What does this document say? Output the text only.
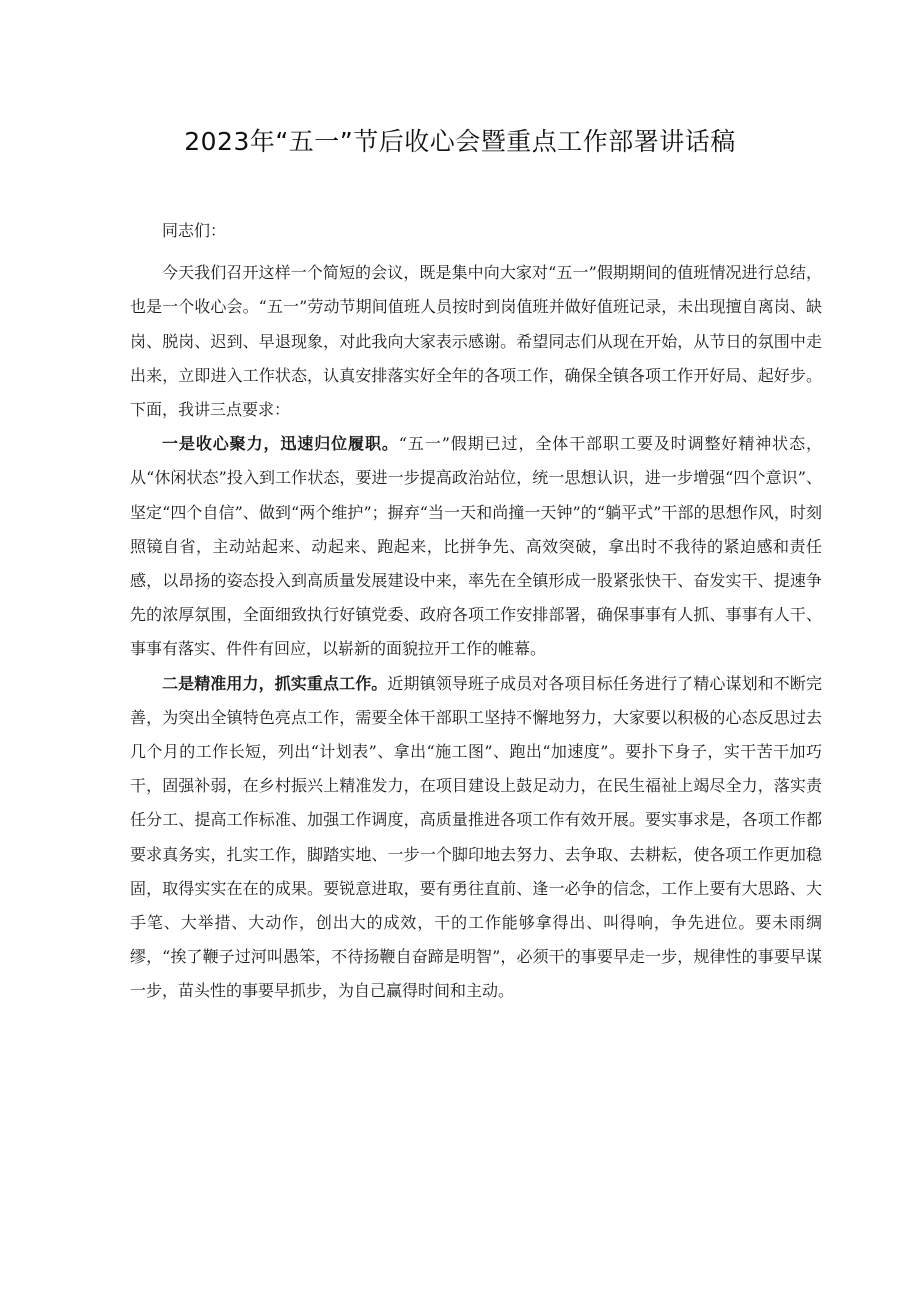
2023年“五一”节后收心会暨重点工作部署讲话稿

同志们：

今天我们召开这样一个简短的会议，既是集中向大家对“五一”假期期间的值班情况进行总结，也是一个收心会。“五一”劳动节期间值班人员按时到岗值班并做好值班记录，未出现擅自离岗、缺岗、脱岗、迟到、早退现象，对此我向大家表示感谢。希望同志们从现在开始，从节日的氛围中走出来，立即进入工作状态，认真安排落实好全年的各项工作，确保全镇各项工作开好局、起好步。下面，我讲三点要求：

一是收心聚力，迅速归位履职。“五一”假期已过，全体干部职工要及时调整好精神状态，从“休闲状态”投入到工作状态，要进一步提高政治站位，统一思想认识，进一步增强“四个意识”、坚定“四个自信”、做到“两个维护”；摒弃“当一天和尚撞一天钟”的“躺平式”干部的思想作风，时刻照镜自省，主动站起来、动起来、跑起来，比拼争先、高效突破，拿出时不我待的紧迫感和责任感，以昂扬的姿态投入到高质量发展建设中来，率先在全镇形成一股紧张快干、奋发实干、提速争先的浓厚氛围，全面细致执行好镇党委、政府各项工作安排部署，确保事事有人抓、事事有人干、事事有落实、件件有回应，以崭新的面貌拉开工作的帷幕。

二是精准用力，抓实重点工作。近期镇领导班子成员对各项目标任务进行了精心谋划和不断完善，为突出全镇特色亮点工作，需要全体干部职工坚持不懈地努力，大家要以积极的心态反思过去几个月的工作长短，列出“计划表”、拿出“施工图”、跑出“加速度”。要扑下身子，实干苦干加巧干，固强补弱，在乡村振兴上精准发力，在项目建设上鼓足动力，在民生福祉上竭尽全力，落实责任分工、提高工作标准、加强工作调度，高质量推进各项工作有效开展。要实事求是，各项工作都要求真务实，扎实工作，脚踏实地、一步一个脚印地去努力、去争取、去耕耘，使各项工作更加稳固，取得实实在在的成果。要锐意进取，要有勇往直前、逢一必争的信念，工作上要有大思路、大手笔、大举措、大动作，创出大的成效，干的工作能够拿得出、叫得响，争先进位。要未雨绸缪，“挨了鞭子过河叫愚笨，不待扬鞭自奋蹄是明智”，必须干的事要早走一步，规律性的事要早谋一步，苗头性的事要早抓步，为自己赢得时间和主动。
